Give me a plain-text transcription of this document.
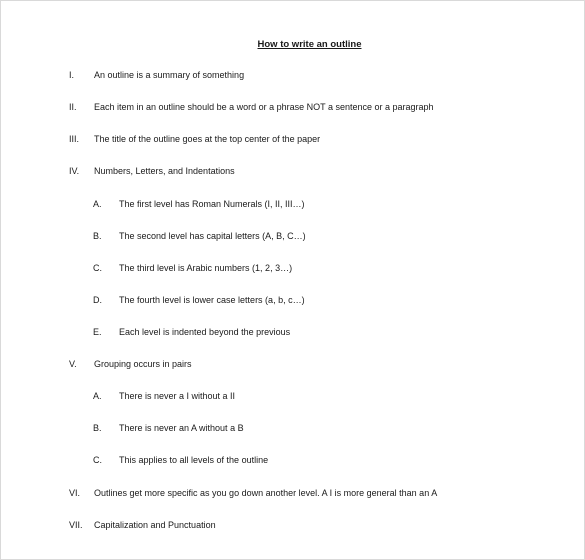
How to write an outline
I. An outline is a summary of something
II. Each item in an outline should be a word or a phrase NOT a sentence or a paragraph
III. The title of the outline goes at the top center of the paper
IV. Numbers, Letters, and Indentations
A. The first level has Roman Numerals (I, II, III…)
B. The second level has capital letters (A, B, C…)
C. The third level is Arabic numbers (1, 2, 3…)
D. The fourth level is lower case letters (a, b, c…)
E. Each level is indented beyond the previous
V. Grouping occurs in pairs
A. There is never a I without a II
B. There is never an A without a B
C. This applies to all levels of the outline
VI. Outlines get more specific as you go down another level. A I is more general than an A
VII. Capitalization and Punctuation
